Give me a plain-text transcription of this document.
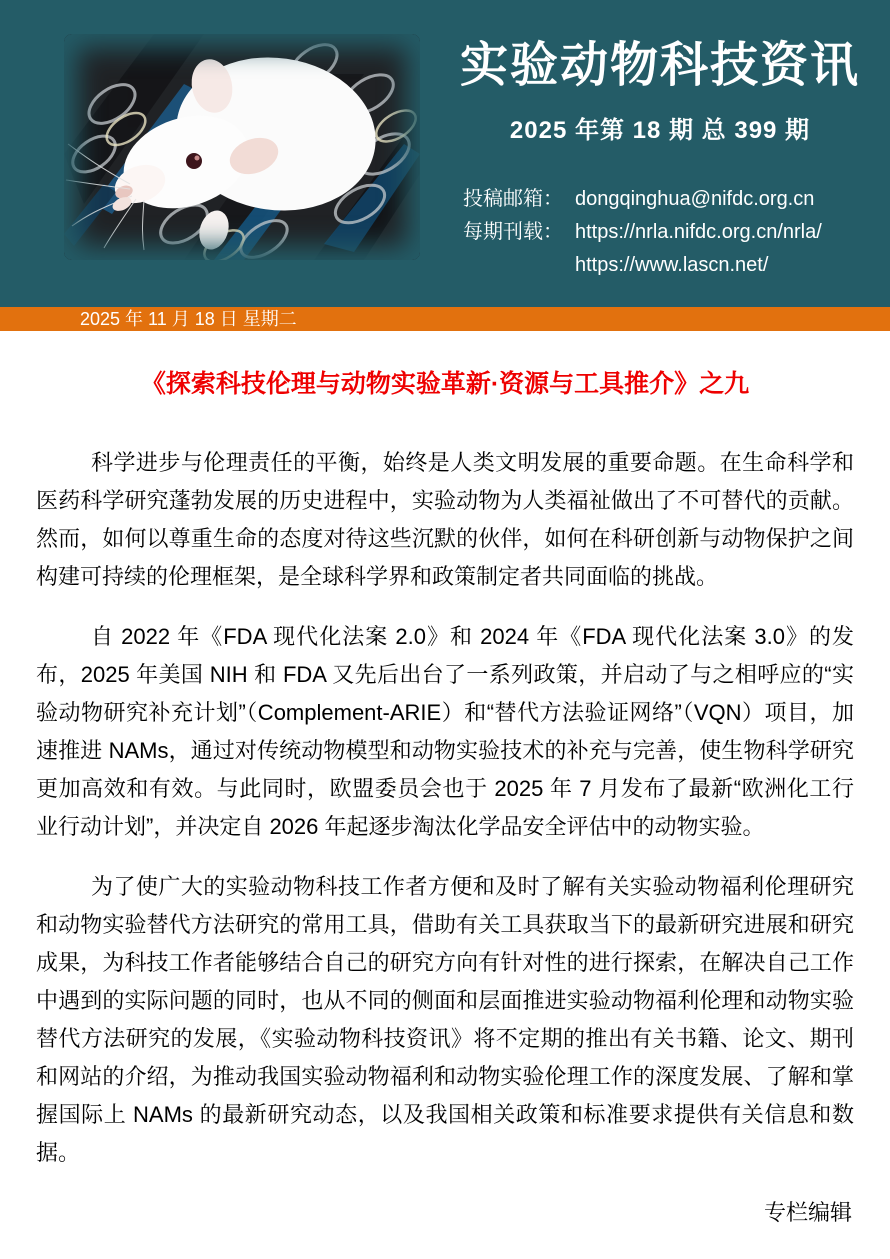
实验动物科技资讯
2025 年第 18 期 总 399 期
投稿邮箱： dongqinghua@nifdc.org.cn
每期刊载： https://nrla.nifdc.org.cn/nrla/
https://www.lascn.net/
2025 年 11 月 18 日 星期二
《探索科技伦理与动物实验革新·资源与工具推介》之九

科学进步与伦理责任的平衡，始终是人类文明发展的重要命题。在生命科学和医药科学研究蓬勃发展的历史进程中，实验动物为人类福祉做出了不可替代的贡献。然而，如何以尊重生命的态度对待这些沉默的伙伴，如何在科研创新与动物保护之间构建可持续的伦理框架，是全球科学界和政策制定者共同面临的挑战。

自 2022 年《FDA 现代化法案 2.0》和 2024 年《FDA 现代化法案 3.0》的发布，2025 年美国 NIH 和 FDA 又先后出台了一系列政策，并启动了与之相呼应的“实验动物研究补充计划”（Complement-ARIE）和“替代方法验证网络”（VQN）项目，加速推进 NAMs，通过对传统动物模型和动物实验技术的补充与完善，使生物科学研究更加高效和有效。与此同时，欧盟委员会也于 2025 年 7 月发布了最新“欧洲化工行业行动计划”，并决定自 2026 年起逐步淘汰化学品安全评估中的动物实验。

为了使广大的实验动物科技工作者方便和及时了解有关实验动物福利伦理研究和动物实验替代方法研究的常用工具，借助有关工具获取当下的最新研究进展和研究成果，为科技工作者能够结合自己的研究方向有针对性的进行探索，在解决自己工作中遇到的实际问题的同时，也从不同的侧面和层面推进实验动物福利伦理和动物实验替代方法研究的发展，《实验动物科技资讯》将不定期的推出有关书籍、论文、期刊和网站的介绍，为推动我国实验动物福利和动物实验伦理工作的深度发展、了解和掌握国际上 NAMs 的最新研究动态，以及我国相关政策和标准要求提供有关信息和数据。

专栏编辑
